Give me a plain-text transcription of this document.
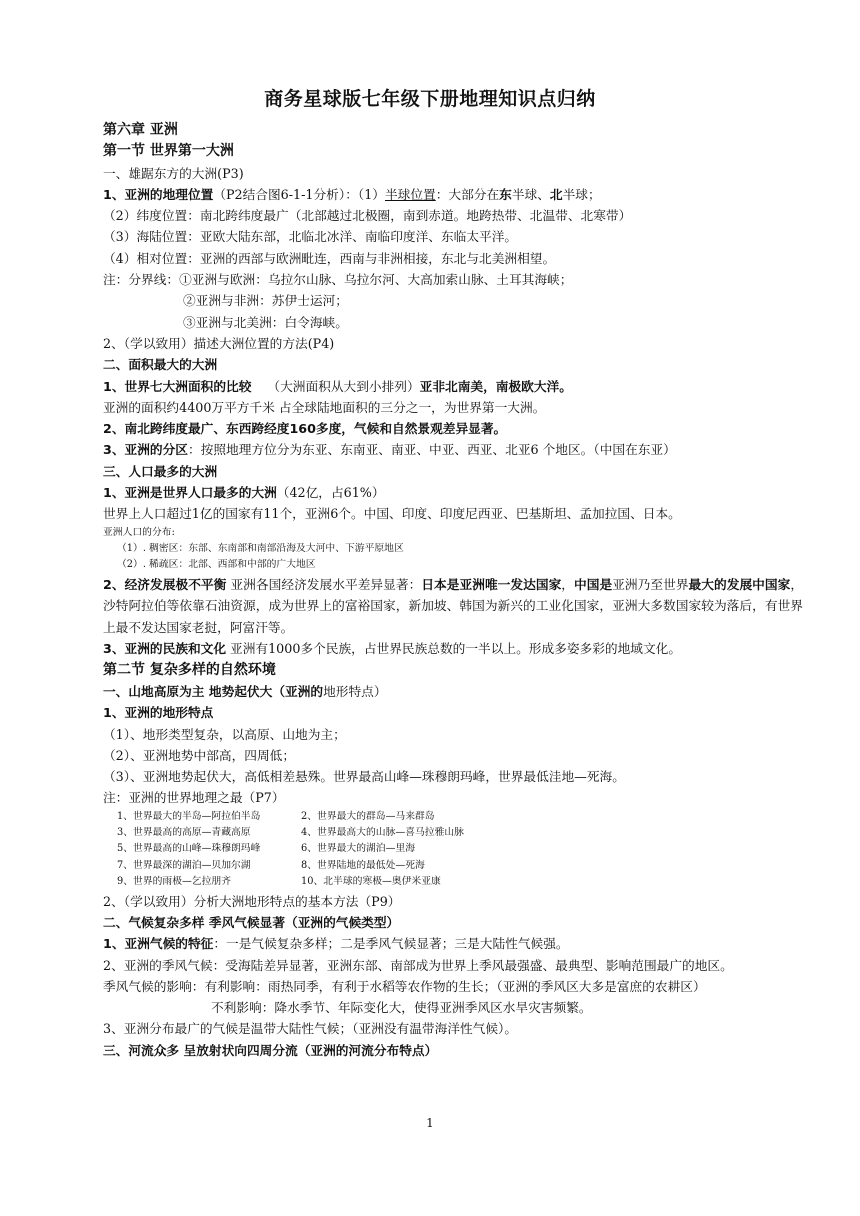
商务星球版七年级下册地理知识点归纳
第六章 亚洲
第一节 世界第一大洲
一、雄踞东方的大洲(P3)
1、亚洲的地理位置（P2结合图6-1-1分析）：（1）半球位置：大部分在东半球、北半球；
（2）纬度位置：南北跨纬度最广（北部越过北极圈，南到赤道。地跨热带、北温带、北寒带）
（3）海陆位置：亚欧大陆东部，北临北冰洋、南临印度洋、东临太平洋。
（4）相对位置：亚洲的西部与欧洲毗连，西南与非洲相接，东北与北美洲相望。
注：分界线：①亚洲与欧洲：乌拉尔山脉、乌拉尔河、大高加索山脉、土耳其海峡；
②亚洲与非洲：苏伊士运河；
③亚洲与北美洲：白令海峡。
2、（学以致用）描述大洲位置的方法(P4)
二、面积最大的大洲
1、世界七大洲面积的比较 （大洲面积从大到小排列）亚非北南美，南极欧大洋。
亚洲的面积约4400万平方千米 占全球陆地面积的三分之一，为世界第一大洲。
2、南北跨纬度最广、东西跨经度160多度，气候和自然景观差异显著。
3、亚洲的分区：按照地理方位分为东亚、东南亚、南亚、中亚、西亚、北亚6 个地区。（中国在东亚）
三、人口最多的大洲
1、亚洲是世界人口最多的大洲（42亿，占61%）
世界上人口超过1亿的国家有11个，亚洲6个。中国、印度、印度尼西亚、巴基斯坦、孟加拉国、日本。
亚洲人口的分布:
（1）. 稠密区：东部、东南部和南部沿海及大河中、下游平原地区
（2）. 稀疏区：北部、西部和中部的广大地区
2、经济发展极不平衡 亚洲各国经济发展水平差异显著：日本是亚洲唯一发达国家，中国是亚洲乃至世界最大的发展中国家，沙特阿拉伯等依靠石油资源，成为世界上的富裕国家，新加坡、韩国为新兴的工业化国家，亚洲大多数国家较为落后，有世界上最不发达国家老挝，阿富汗等。
3、亚洲的民族和文化 亚洲有1000多个民族，占世界民族总数的一半以上。形成多姿多彩的地域文化。
第二节 复杂多样的自然环境
一、山地高原为主 地势起伏大（亚洲的地形特点）
1、亚洲的地形特点
（1）、地形类型复杂，以高原、山地为主；
（2）、亚洲地势中部高，四周低；
（3）、亚洲地势起伏大，高低相差悬殊。世界最高山峰—珠穆朗玛峰，世界最低洼地—死海。
注：亚洲的世界地理之最（P7）
1、世界最大的半岛—阿拉伯半岛	2、世界最大的群岛—马来群岛
3、世界最高的高原—青藏高原	4、世界最高大的山脉—喜马拉雅山脉
5、世界最高的山峰—珠穆朗玛峰	6、世界最大的湖泊—里海
7、世界最深的湖泊—贝加尔湖	8、世界陆地的最低处—死海
9、世界的雨极—乞拉朋齐	10、北半球的寒极—奥伊米亚康
2、（学以致用）分析大洲地形特点的基本方法（P9）
二、气候复杂多样 季风气候显著（亚洲的气候类型）
1、亚洲气候的特征：一是气候复杂多样；二是季风气候显著；三是大陆性气候强。
2、亚洲的季风气候：受海陆差异显著，亚洲东部、南部成为世界上季风最强盛、最典型、影响范围最广的地区。
季风气候的影响：有利影响：雨热同季，有利于水稻等农作物的生长；（亚洲的季风区大多是富庶的农耕区）
不利影响：降水季节、年际变化大，使得亚洲季风区水旱灾害频繁。
3、亚洲分布最广的气候是温带大陆性气候；（亚洲没有温带海洋性气候）。
三、河流众多 呈放射状向四周分流（亚洲的河流分布特点）
1
